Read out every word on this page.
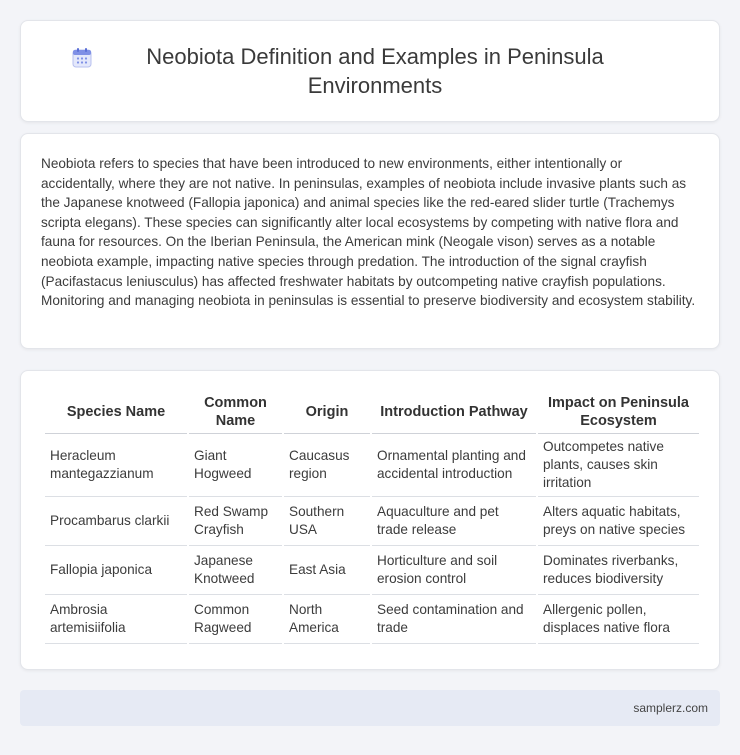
Neobiota Definition and Examples in Peninsula Environments

Neobiota refers to species that have been introduced to new environments, either intentionally or accidentally, where they are not native. In peninsulas, examples of neobiota include invasive plants such as the Japanese knotweed (Fallopia japonica) and animal species like the red-eared slider turtle (Trachemys scripta elegans). These species can significantly alter local ecosystems by competing with native flora and fauna for resources. On the Iberian Peninsula, the American mink (Neogale vison) serves as a notable neobiota example, impacting native species through predation. The introduction of the signal crayfish (Pacifastacus leniusculus) has affected freshwater habitats by outcompeting native crayfish populations. Monitoring and managing neobiota in peninsulas is essential to preserve biodiversity and ecosystem stability.

Species Name	Common Name	Origin	Introduction Pathway	Impact on Peninsula Ecosystem
Heracleum mantegazzianum	Giant Hogweed	Caucasus region	Ornamental planting and accidental introduction	Outcompetes native plants, causes skin irritation
Procambarus clarkii	Red Swamp Crayfish	Southern USA	Aquaculture and pet trade release	Alters aquatic habitats, preys on native species
Fallopia japonica	Japanese Knotweed	East Asia	Horticulture and soil erosion control	Dominates riverbanks, reduces biodiversity
Ambrosia artemisiifolia	Common Ragweed	North America	Seed contamination and trade	Allergenic pollen, displaces native flora
samplerz.com
